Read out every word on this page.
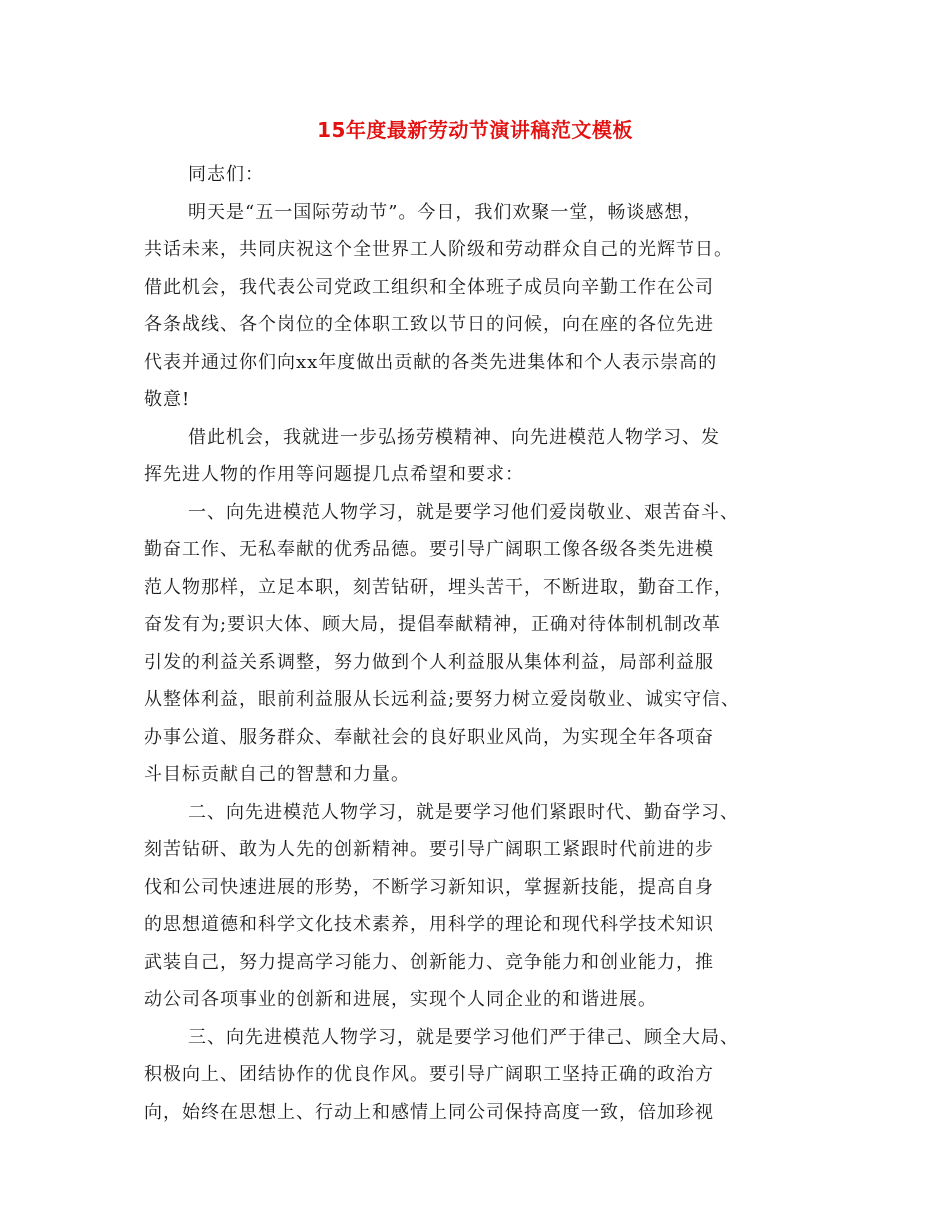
15年度最新劳动节演讲稿范文模板
同志们：
明天是“五一国际劳动节”。今日，我们欢聚一堂，畅谈感想，
共话未来，共同庆祝这个全世界工人阶级和劳动群众自己的光辉节日。
借此机会，我代表公司党政工组织和全体班子成员向辛勤工作在公司
各条战线、各个岗位的全体职工致以节日的问候，向在座的各位先进
代表并通过你们向xx年度做出贡献的各类先进集体和个人表示崇高的
敬意!
借此机会，我就进一步弘扬劳模精神、向先进模范人物学习、发
挥先进人物的作用等问题提几点希望和要求：
一、向先进模范人物学习，就是要学习他们爱岗敬业、艰苦奋斗、
勤奋工作、无私奉献的优秀品德。要引导广阔职工像各级各类先进模
范人物那样，立足本职，刻苦钻研，埋头苦干，不断进取，勤奋工作，
奋发有为;要识大体、顾大局，提倡奉献精神，正确对待体制机制改革
引发的利益关系调整，努力做到个人利益服从集体利益，局部利益服
从整体利益，眼前利益服从长远利益;要努力树立爱岗敬业、诚实守信、
办事公道、服务群众、奉献社会的良好职业风尚，为实现全年各项奋
斗目标贡献自己的智慧和力量。
二、向先进模范人物学习，就是要学习他们紧跟时代、勤奋学习、
刻苦钻研、敢为人先的创新精神。要引导广阔职工紧跟时代前进的步
伐和公司快速进展的形势，不断学习新知识，掌握新技能，提高自身
的思想道德和科学文化技术素养，用科学的理论和现代科学技术知识
武装自己，努力提高学习能力、创新能力、竞争能力和创业能力，推
动公司各项事业的创新和进展，实现个人同企业的和谐进展。
三、向先进模范人物学习，就是要学习他们严于律己、顾全大局、
积极向上、团结协作的优良作风。要引导广阔职工坚持正确的政治方
向，始终在思想上、行动上和感情上同公司保持高度一致，倍加珍视
